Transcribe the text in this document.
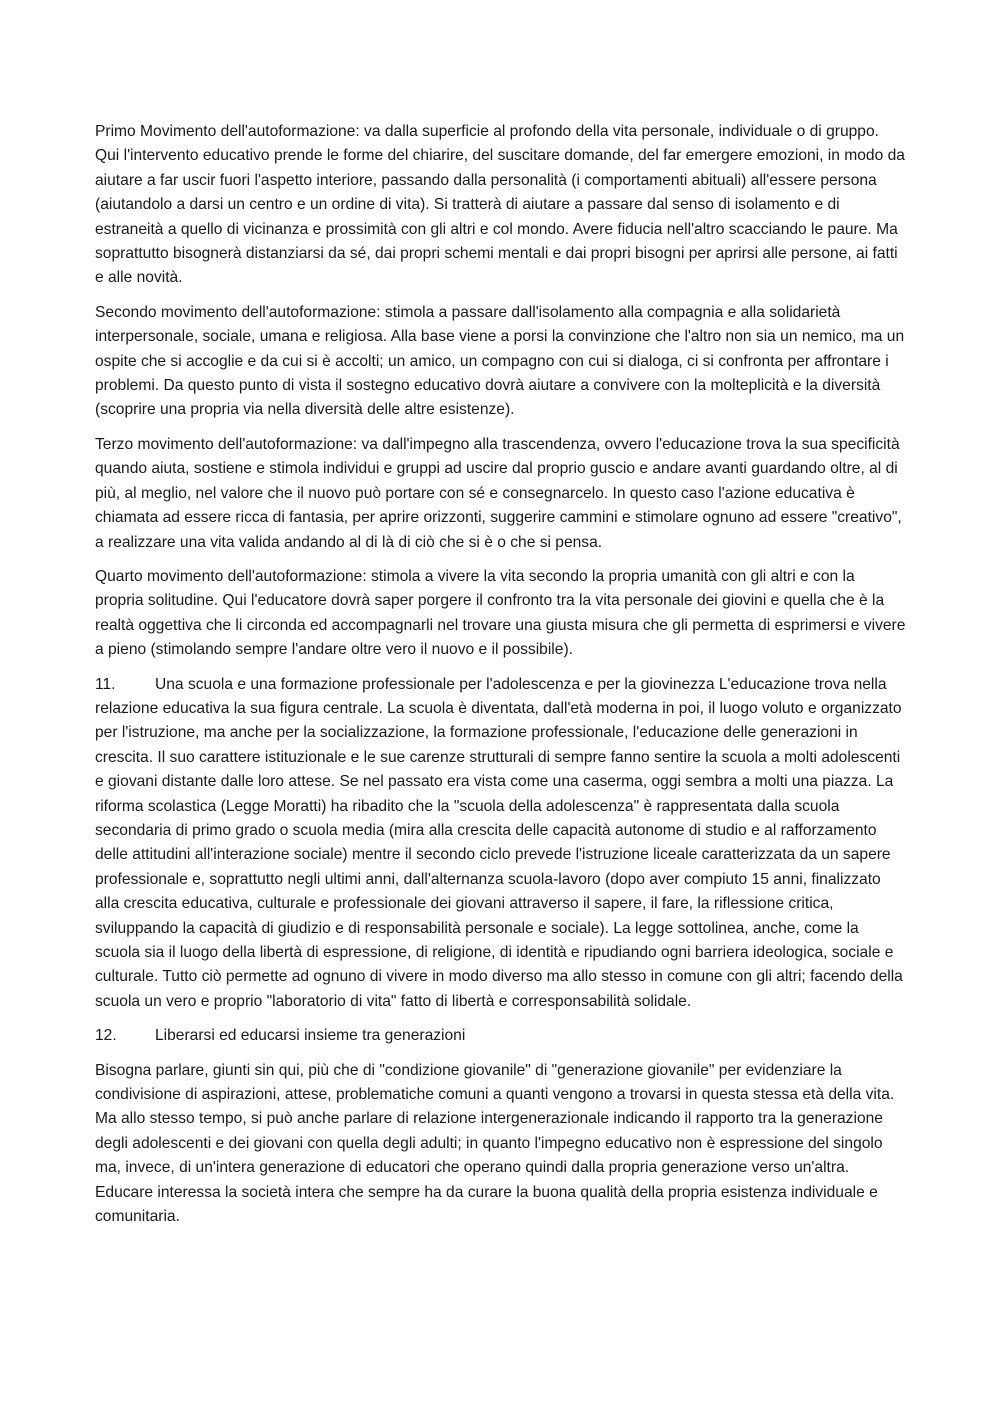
Primo Movimento dell'autoformazione: va dalla superficie al profondo della vita personale, individuale o di gruppo. Qui l'intervento educativo prende le forme del chiarire, del suscitare domande, del far emergere emozioni, in modo da aiutare a far uscir fuori l'aspetto interiore, passando dalla personalità (i comportamenti abituali) all'essere persona (aiutandolo a darsi un centro e un ordine di vita). Si tratterà di aiutare a passare dal senso di isolamento e di estraneità a quello di vicinanza e prossimità con gli altri e col mondo. Avere fiducia nell'altro scacciando le paure. Ma soprattutto bisognerà distanziarsi da sé, dai propri schemi mentali e dai propri bisogni per aprirsi alle persone, ai fatti e alle novità.

Secondo movimento dell'autoformazione: stimola a passare dall'isolamento alla compagnia e alla solidarietà interpersonale, sociale, umana e religiosa. Alla base viene a porsi la convinzione che l'altro non sia un nemico, ma un ospite che si accoglie e da cui si è accolti; un amico, un compagno con cui si dialoga, ci si confronta per affrontare i problemi. Da questo punto di vista il sostegno educativo dovrà aiutare a convivere con la molteplicità e la diversità (scoprire una propria via nella diversità delle altre esistenze).

Terzo movimento dell'autoformazione: va dall'impegno alla trascendenza, ovvero l'educazione trova la sua specificità quando aiuta, sostiene e stimola individui e gruppi ad uscire dal proprio guscio e andare avanti guardando oltre, al di più, al meglio, nel valore che il nuovo può portare con sé e consegnarcelo. In questo caso l'azione educativa è chiamata ad essere ricca di fantasia, per aprire orizzonti, suggerire cammini e stimolare ognuno ad essere "creativo", a realizzare una vita valida andando al di là di ciò che si è o che si pensa.

Quarto movimento dell'autoformazione: stimola a vivere la vita secondo la propria umanità con gli altri e con la propria solitudine. Qui l'educatore dovrà saper porgere il confronto tra la vita personale dei giovini e quella che è la realtà oggettiva che li circonda ed accompagnarli nel trovare una giusta misura che gli permetta di esprimersi e vivere a pieno (stimolando sempre l'andare oltre vero il nuovo e il possibile).

11.	Una scuola e una formazione professionale per l'adolescenza e per la giovinezza L'educazione trova nella relazione educativa la sua figura centrale. La scuola è diventata, dall'età moderna in poi, il luogo voluto e organizzato per l'istruzione, ma anche per la socializzazione, la formazione professionale, l'educazione delle generazioni in crescita. Il suo carattere istituzionale e le sue carenze strutturali di sempre fanno sentire la scuola a molti adolescenti e giovani distante dalle loro attese. Se nel passato era vista come una caserma, oggi sembra a molti una piazza. La riforma scolastica (Legge Moratti) ha ribadito che la "scuola della adolescenza" è rappresentata dalla scuola secondaria di primo grado o scuola media (mira alla crescita delle capacità autonome di studio e al rafforzamento delle attitudini all'interazione sociale) mentre il secondo ciclo prevede l'istruzione liceale caratterizzata da un sapere professionale e, soprattutto negli ultimi anni, dall'alternanza scuola-lavoro (dopo aver compiuto 15 anni, finalizzato alla crescita educativa, culturale e professionale dei giovani attraverso il sapere, il fare, la riflessione critica, sviluppando la capacità di giudizio e di responsabilità personale e sociale). La legge sottolinea, anche, come la scuola sia il luogo della libertà di espressione, di religione, di identità e ripudiando ogni barriera ideologica, sociale e culturale. Tutto ciò permette ad ognuno di vivere in modo diverso ma allo stesso in comune con gli altri; facendo della scuola un vero e proprio "laboratorio di vita" fatto di libertà e corresponsabilità solidale.

12. Liberarsi ed educarsi insieme tra generazioni

Bisogna parlare, giunti sin qui, più che di "condizione giovanile" di "generazione giovanile" per evidenziare la condivisione di aspirazioni, attese, problematiche comuni a quanti vengono a trovarsi in questa stessa età della vita. Ma allo stesso tempo, si può anche parlare di relazione intergenerazionale indicando il rapporto tra la generazione degli adolescenti e dei giovani con quella degli adulti; in quanto l'impegno educativo non è espressione del singolo ma, invece, di un'intera generazione di educatori che operano quindi dalla propria generazione verso un'altra. Educare interessa la società intera che sempre ha da curare la buona qualità della propria esistenza individuale e comunitaria.
